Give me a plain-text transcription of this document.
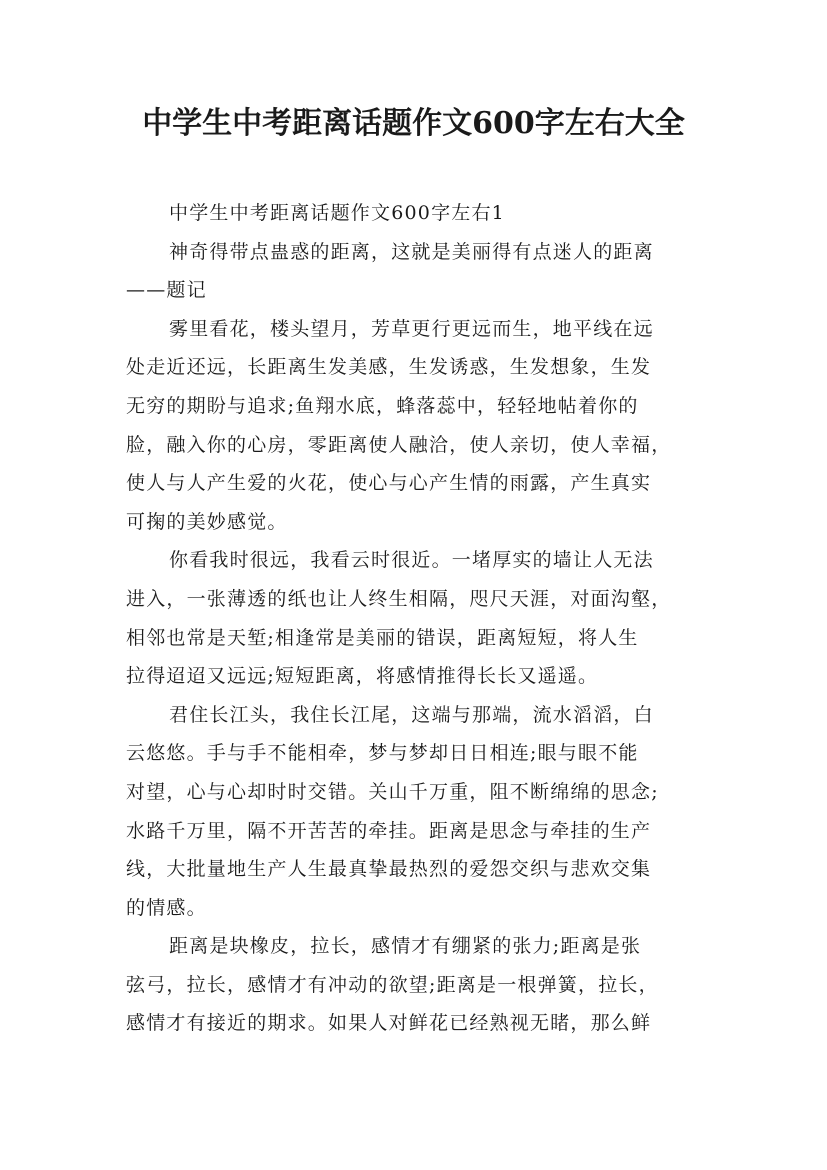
中学生中考距离话题作文600字左右大全
中学生中考距离话题作文600字左右1
神奇得带点蛊惑的距离，这就是美丽得有点迷人的距离
——题记
雾里看花，楼头望月，芳草更行更远而生，地平线在远
处走近还远，长距离生发美感，生发诱惑，生发想象，生发
无穷的期盼与追求;鱼翔水底，蜂落蕊中，轻轻地帖着你的
脸，融入你的心房，零距离使人融洽，使人亲切，使人幸福，
使人与人产生爱的火花，使心与心产生情的雨露，产生真实
可掬的美妙感觉。
你看我时很远，我看云时很近。一堵厚实的墙让人无法
进入，一张薄透的纸也让人终生相隔，咫尺天涯，对面沟壑，
相邻也常是天堑;相逢常是美丽的错误，距离短短，将人生
拉得迢迢又远远;短短距离，将感情推得长长又遥遥。
君住长江头，我住长江尾，这端与那端，流水滔滔，白
云悠悠。手与手不能相牵，梦与梦却日日相连;眼与眼不能
对望，心与心却时时交错。关山千万重，阻不断绵绵的思念;
水路千万里，隔不开苦苦的牵挂。距离是思念与牵挂的生产
线，大批量地生产人生最真挚最热烈的爱怨交织与悲欢交集
的情感。
距离是块橡皮，拉长，感情才有绷紧的张力;距离是张
弦弓，拉长，感情才有冲动的欲望;距离是一根弹簧，拉长，
感情才有接近的期求。如果人对鲜花已经熟视无睹，那么鲜
